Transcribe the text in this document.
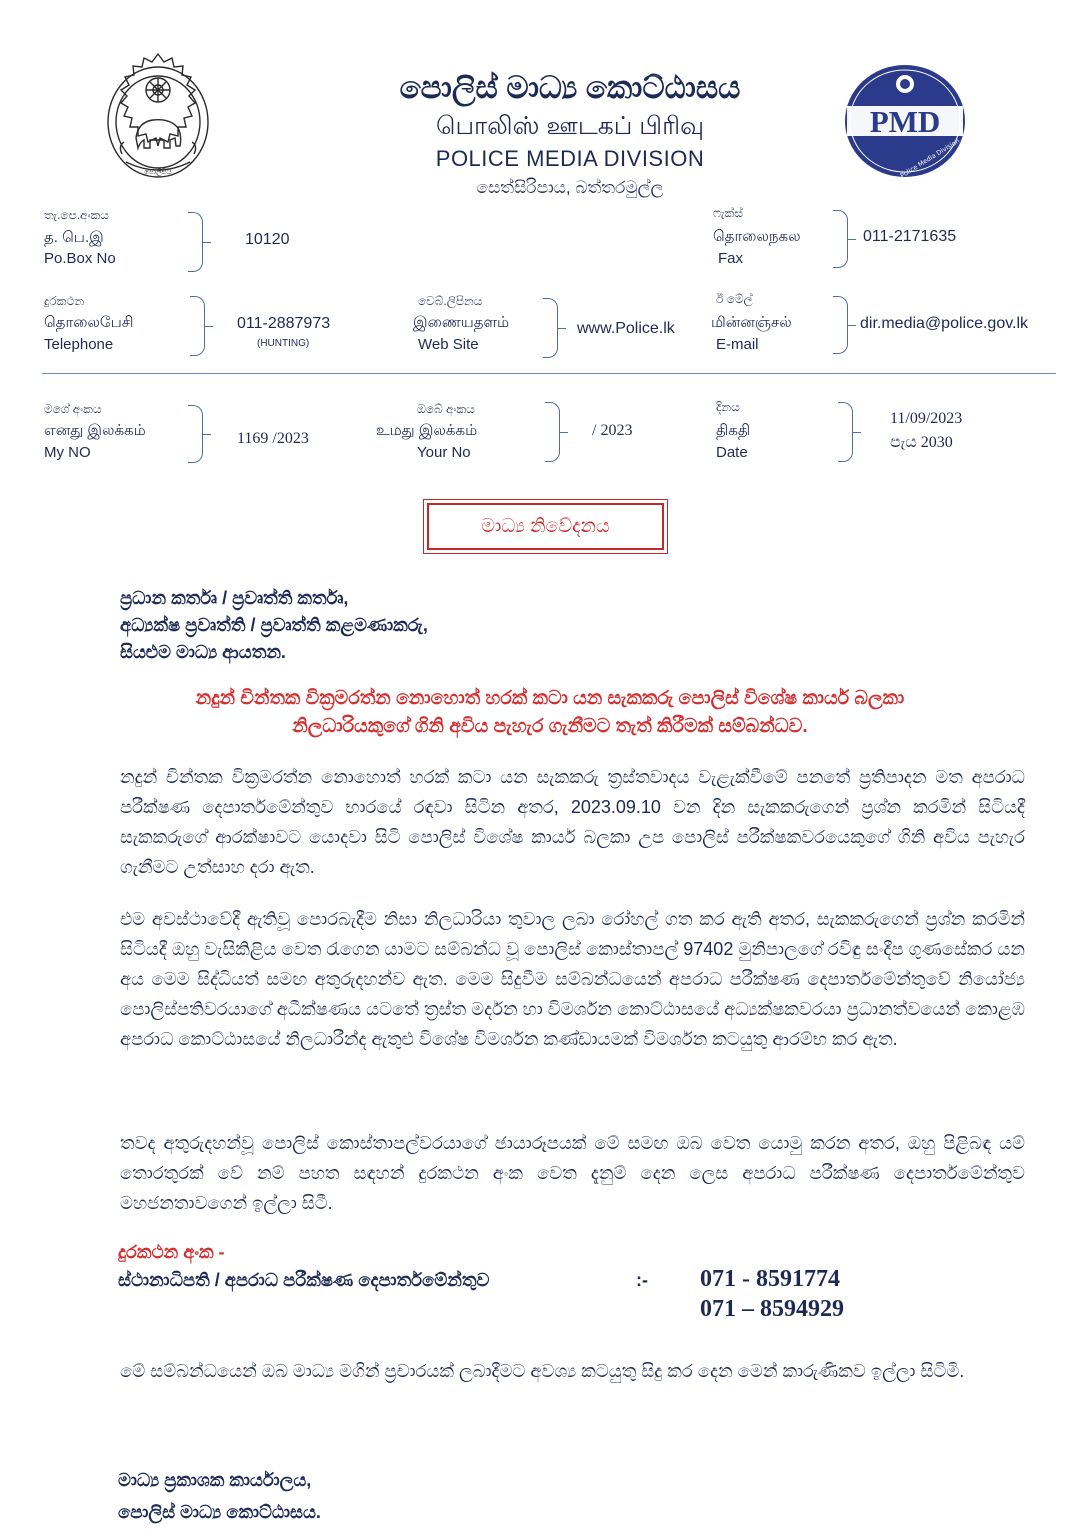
පොලීසිය
PMD
Police Media Division
පොලිස් මාධ්‍ය කොට්ඨාසය
பொலிஸ் ஊடகப் பிரிவு
POLICE MEDIA DIVISION
සෙත්සිරිපාය, බත්තරමුල්ල
තැ.පෙ.අංකය
த. பெ.இ
Po.Box No
10120
ෆැක්ස්
தொலைநகல
Fax
011-2171635
දුරකථන
தொலைபேசி
Telephone
011-2887973
(HUNTING)
වෙබ්.ලිපිනය
இணையதளம்
Web Site
www.Police.lk
ඊ මේල්
மின்னஞ்சல்
E-mail
dir.media@police.gov.lk
මගේ අංකය
எனது இலக்கம்
My NO
1169 /2023
ඔබේ අංකය
உமது இலக்கம்
Your No
/ 2023
දිනය
திகதி
Date
11/09/2023
පැය 2030
මාධ්‍ය නිවේදනය
ප්‍රධාන කර්තෘ / ප්‍රවෘත්ති කර්තෘ,
අධ්‍යක්ෂ ප්‍රවෘත්ති / ප්‍රවෘත්ති කළමණාකරු,
සියළුම මාධ්‍ය ආයතන.
නදුන් චින්තක වික්‍රමරත්න නොහොත් හරක් කටා යන සැකකරු පොලිස් විශේෂ කාර්ය බලකා
නිලධාරියකුගේ ගිනි අවිය පැහැර ගැනීමට තැත් කිරීමක් සම්බන්ධව.
නදුන් චින්තක වික්‍රමරත්න නොහොත් හරක් කටා යන සැකකරු ත්‍රස්තවාදය වැළැක්වීමේ පනතේ ප්‍රතිපාදන මත අපරාධ පරීක්ෂණ දෙපාර්තමේන්තුව භාරයේ රඳවා සිටින අතර, 2023.09.10 වන දින සැකකරුගෙන් ප්‍රශ්න කරමින් සිටියදී සැකකරුගේ ආරක්ෂාවට යොදවා සිටි පොලිස් විශේෂ කාර්ය බලකා උප පොලිස් පරීක්ෂකවරයෙකුගේ ගිනි අවිය පැහැර ගැනීමට උත්සාහ දරා ඇත.
එම අවස්ථාවේදී ඇතිවූ පොරබැදීම නිසා නිලධාරියා තුවාල ලබා රෝහල් ගත කර ඇති අතර, සැකකරුගෙන් ප්‍රශ්න කරමින් සිටියදී ඔහු වැසිකිළිය වෙත රැගෙන යාමට සම්බන්ධ වූ පොලිස් කොස්තාපල් 97402 මුනිපාලගේ රවිඳු සංදීප ගුණසේකර යන අය මෙම සිද්ධියත් සමඟ අතුරුදහන්ව ඇත. මෙම සිදුවීම සම්බන්ධයෙන් අපරාධ පරීක්ෂණ දෙපාර්තමේන්තුවේ නියෝජ්‍ය පොලිස්පතිවරයාගේ අධීක්ෂණය යටතේ ත්‍රස්ත මර්දන හා විමර්ශන කොට්ඨාසයේ අධ්‍යක්ෂකවරයා ප්‍රධානත්වයෙන් කොළඹ අපරාධ කොට්ඨාසයේ නිලධාරීන්ද ඇතුළු විශේෂ විමර්ශන කණ්ඩායමක් විමර්ශන කටයුතු ආරම්භ කර ඇත.
තවද අතුරුදහන්වූ පොලිස් කොස්තාපල්වරයාගේ ඡායාරූපයක් මේ සමඟ ඔබ වෙත යොමු කරන අතර, ඔහු පිළිබඳ යම් තොරතුරක් වේ නම් පහත සඳහන් දුරකථන අංක වෙත දැනුම් දෙන ලෙස අපරාධ පරීක්ෂණ දෙපාර්තමේන්තුව මහජනතාවගෙන් ඉල්ලා සිටී.
දුරකථන අංක -
ස්ථානාධිපති / අපරාධ පරීක්ෂණ දෙපාර්තමේන්තුව	:- 071 - 8591774
071 – 8594929
මේ සම්බන්ධයෙන් ඔබ මාධ්‍ය මගින් ප්‍රචාරයක් ලබාදීමට අවශ්‍ය කටයුතු සිදු කර දෙන මෙන් කාරුණිකව ඉල්ලා සිටිමි.
මාධ්‍ය ප්‍රකාශක කාර්යාලය,
පොලිස් මාධ්‍ය කොට්ඨාසය.
